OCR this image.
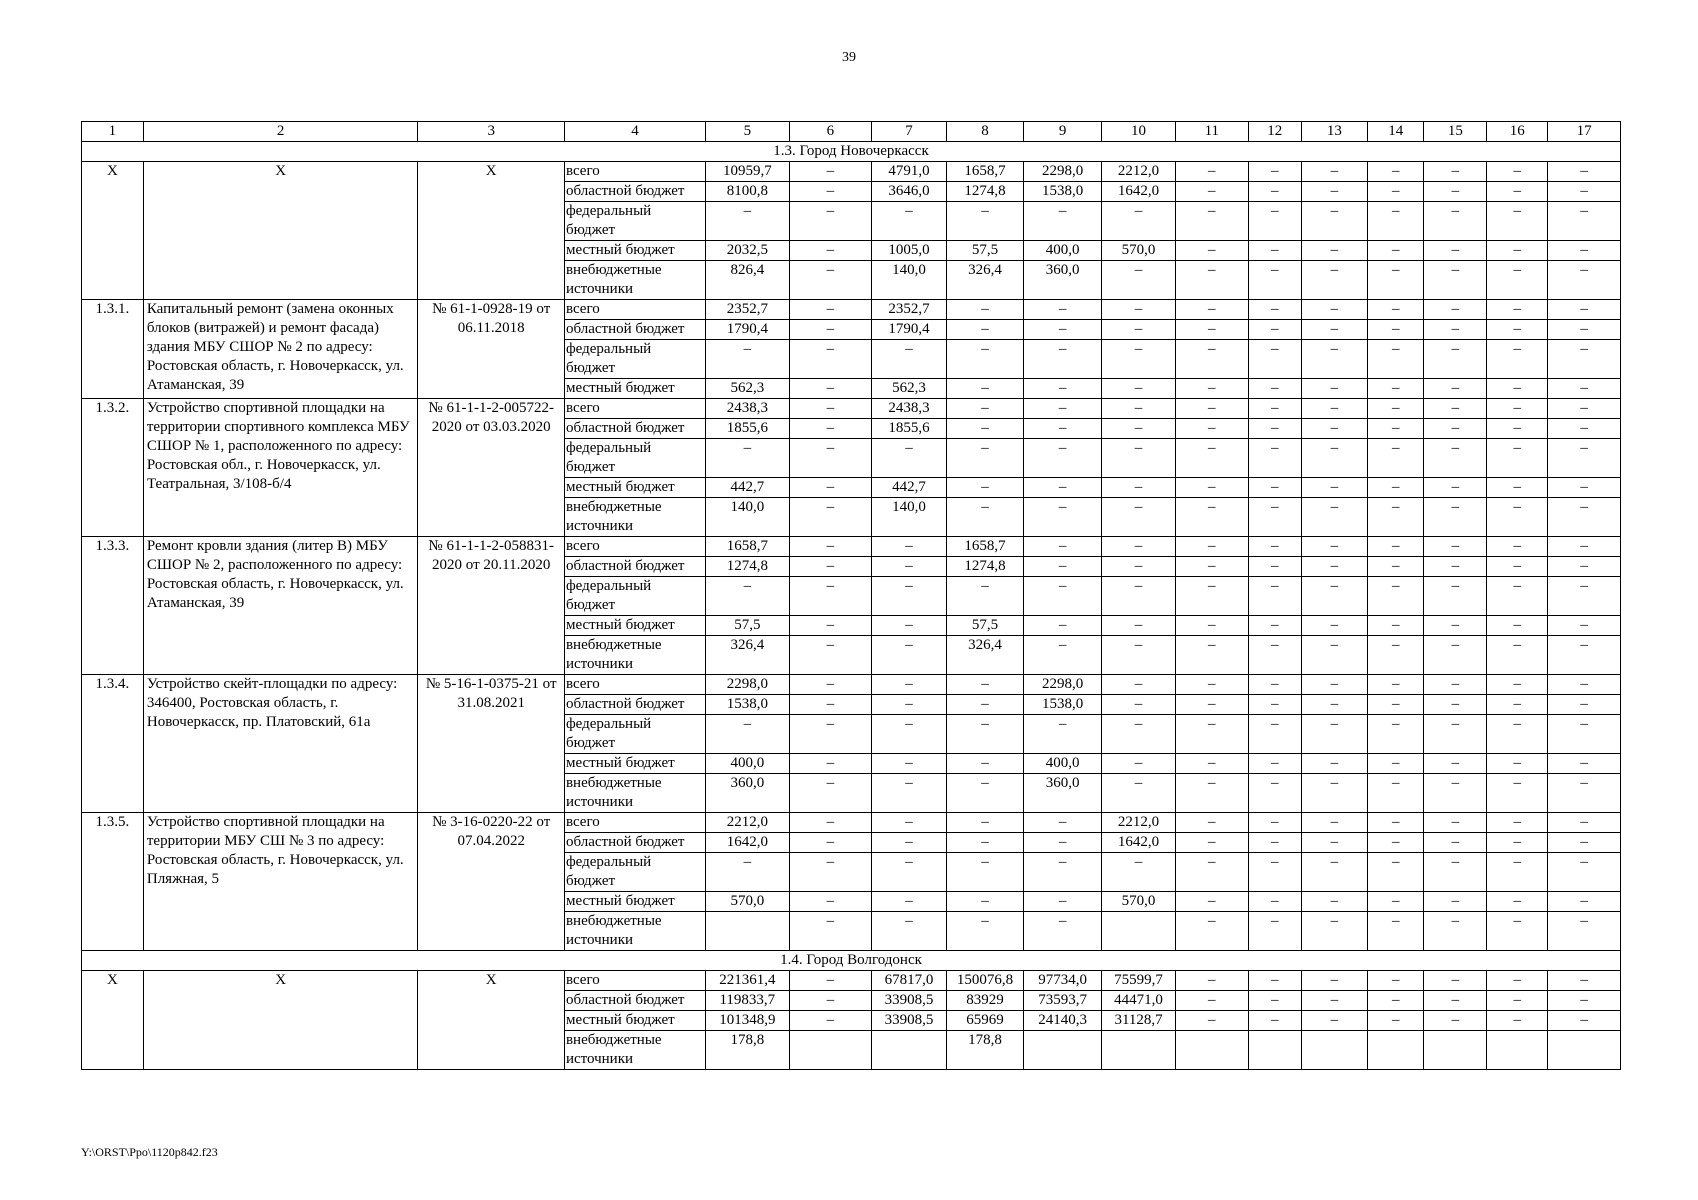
39
1	2	3	4	5	6	7	8	9	10	11	12	13	14	15	16	17
1.3. Город Новочеркасск																
Х	Х	Х	всего	10959,7	–	4791,0	1658,7	2298,0	2212,0	–	–	–	–	–	–	–
			областной бюджет	8100,8	–	3646,0	1274,8	1538,0	1642,0	–	–	–	–	–	–	–
			федеральный бюджет	–	–	–	–	–	–	–	–	–	–	–	–	–
			местный бюджет	2032,5	–	1005,0	57,5	400,0	570,0	–	–	–	–	–	–	–
			внебюджетные источники	826,4	–	140,0	326,4	360,0	–	–	–	–	–	–	–	–
1.3.1.	Капитальный ремонт (замена оконных блоков (витражей) и ремонт фасада) здания МБУ СШОР № 2 по адресу: Ростовская область, г. Новочеркасск, ул. Атаманская, 39	№ 61-1-0928-19 от 06.11.2018	всего	2352,7	–	2352,7	–	–	–	–	–	–	–	–	–	–
			областной бюджет	1790,4	–	1790,4	–	–	–	–	–	–	–	–	–	–
			федеральный бюджет	–	–	–	–	–	–	–	–	–	–	–	–	–
			местный бюджет	562,3	–	562,3	–	–	–	–	–	–	–	–	–	–
1.3.2.	Устройство спортивной площадки на территории спортивного комплекса МБУ СШОР № 1, расположенного по адресу: Ростовская обл., г. Новочеркасск, ул. Театральная, 3/108-б/4	№ 61-1-1-2-005722-2020 от 03.03.2020	всего	2438,3	–	2438,3	–	–	–	–	–	–	–	–	–	–
			областной бюджет	1855,6	–	1855,6	–	–	–	–	–	–	–	–	–	–
			федеральный бюджет	–	–	–	–	–	–	–	–	–	–	–	–	–
			местный бюджет	442,7	–	442,7	–	–	–	–	–	–	–	–	–	–
			внебюджетные источники	140,0	–	140,0	–	–	–	–	–	–	–	–	–	–
1.3.3.	Ремонт кровли здания (литер В) МБУ СШОР № 2, расположенного по адресу: Ростовская область, г. Новочеркасск, ул. Атаманская, 39	№ 61-1-1-2-058831-2020 от 20.11.2020	всего	1658,7	–	–	1658,7	–	–	–	–	–	–	–	–	–
			областной бюджет	1274,8	–	–	1274,8	–	–	–	–	–	–	–	–	–
			федеральный бюджет	–	–	–	–	–	–	–	–	–	–	–	–	–
			местный бюджет	57,5	–	–	57,5	–	–	–	–	–	–	–	–	–
			внебюджетные источники	326,4	–	–	326,4	–	–	–	–	–	–	–	–	–
1.3.4.	Устройство скейт-площадки по адресу: 346400, Ростовская область, г. Новочеркасск, пр. Платовский, 61а	№ 5-16-1-0375-21 от 31.08.2021	всего	2298,0	–	–	–	2298,0	–	–	–	–	–	–	–	–
			областной бюджет	1538,0	–	–	–	1538,0	–	–	–	–	–	–	–	–
			федеральный бюджет	–	–	–	–	–	–	–	–	–	–	–	–	–
			местный бюджет	400,0	–	–	–	400,0	–	–	–	–	–	–	–	–
			внебюджетные источники	360,0	–	–	–	360,0	–	–	–	–	–	–	–	–
1.3.5.	Устройство спортивной площадки на территории МБУ СШ № 3 по адресу: Ростовская область, г. Новочеркасск, ул. Пляжная, 5	№ 3-16-0220-22 от 07.04.2022	всего	2212,0	–	–	–	–	2212,0	–	–	–	–	–	–	–
			областной бюджет	1642,0	–	–	–	–	1642,0	–	–	–	–	–	–	–
			федеральный бюджет	–	–	–	–	–	–	–	–	–	–	–	–	–
			местный бюджет	570,0	–	–	–	–	570,0	–	–	–	–	–	–	–
			внебюджетные источники		–	–	–	–		–	–	–	–	–	–	–
1.4. Город Волгодонск																
Х	Х	Х	всего	221361,4	–	67817,0	150076,8	97734,0	75599,7	–	–	–	–	–	–	–
			областной бюджет	119833,7	–	33908,5	83929	73593,7	44471,0	–	–	–	–	–	–	–
			местный бюджет	101348,9	–	33908,5	65969	24140,3	31128,7	–	–	–	–	–	–	–
			внебюджетные источники	178,8			178,8									
Y:\ORST\Ppo\1120p842.f23
